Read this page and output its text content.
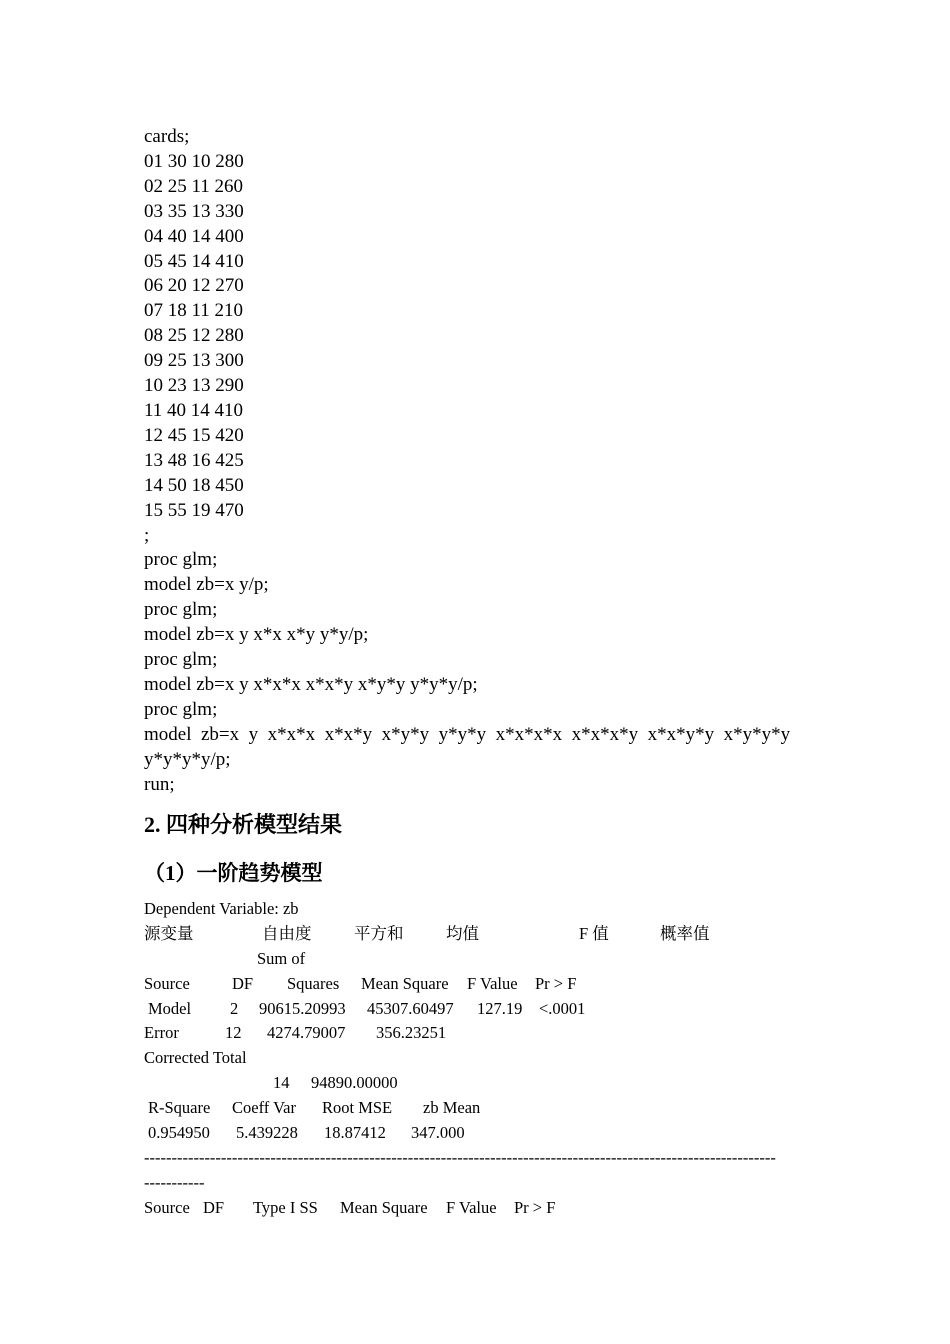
cards;
01 30 10 280
02 25 11 260
03 35 13 330
04 40 14 400
05 45 14 410
06 20 12 270
07 18 11 210
08 25 12 280
09 25 13 300
10 23 13 290
11 40 14 410
12 45 15 420
13 48 16 425
14 50 18 450
15 55 19 470
;
proc glm;
model zb=x y/p;
proc glm;
model zb=x y x*x x*y y*y/p;
proc glm;
model zb=x y x*x*x x*x*y x*y*y y*y*y/p;
proc glm;
model  zb=x  y  x*x*x  x*x*y  x*y*y  y*y*y  x*x*x*x  x*x*x*y  x*x*y*y  x*y*y*y
y*y*y*y/p;
run;
2. 四种分析模型结果
（1）一阶趋势模型
Dependent Variable: zb
源变量	自由度	平方和	均值	F 值	概率值
Sum of
Source	DF Squares Mean Square F Value Pr > F
Model 2 90615.20993 45307.60497 127.19 <.0001
Error	12 4274.79007 356.23251
Corrected Total
14 94890.00000
R-Square Coeff Var Root MSE zb Mean
0.954950 5.439228 18.87412 347.000
-------------------------------------------------------------------------------------------------------------------
-----------
Source DF Type I SS Mean Square F Value Pr > F
